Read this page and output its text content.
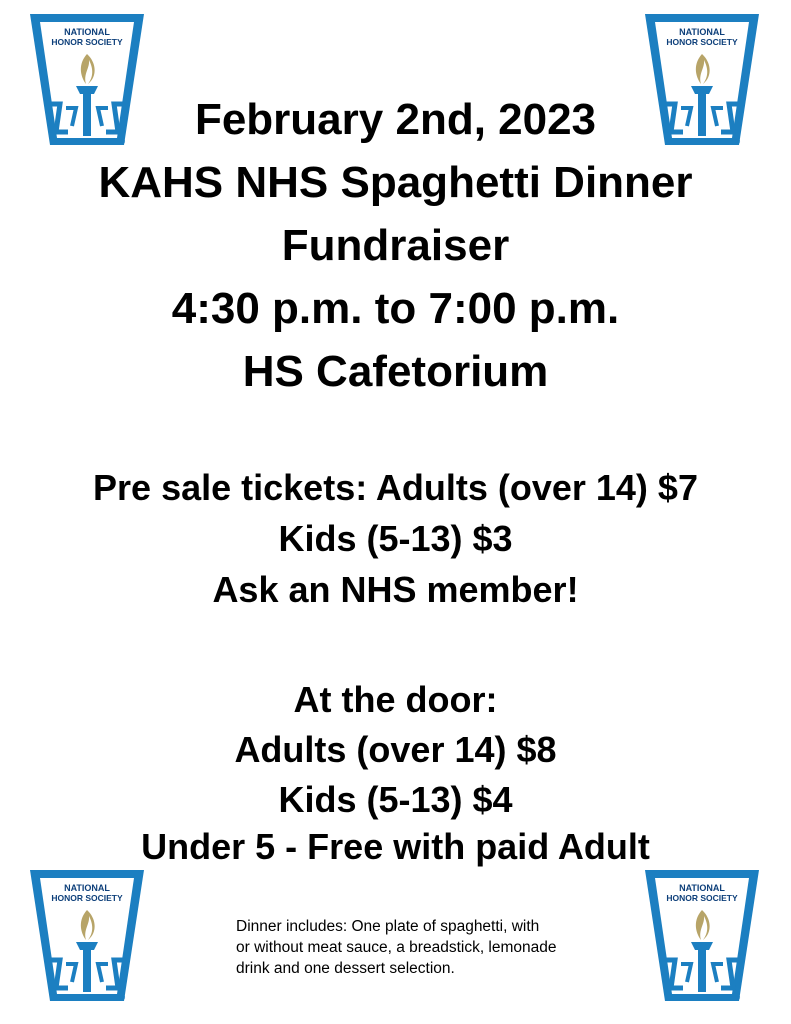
NATIONAL
HONOR SOCIETY
®
NATIONAL
HONOR SOCIETY
®
NATIONAL
HONOR SOCIETY
®
NATIONAL
HONOR SOCIETY
®
February 2nd, 2023
KAHS NHS Spaghetti Dinner
Fundraiser
4:30 p.m. to 7:00 p.m.
HS Cafetorium
Pre sale tickets: Adults (over 14) $7
Kids (5-13) $3
Ask an NHS member!
At the door:
Adults (over 14) $8
Kids (5-13) $4
Under 5 - Free with paid Adult
Dinner includes: One plate of spaghetti, with
or without meat sauce, a breadstick, lemonade
drink and one dessert selection.
